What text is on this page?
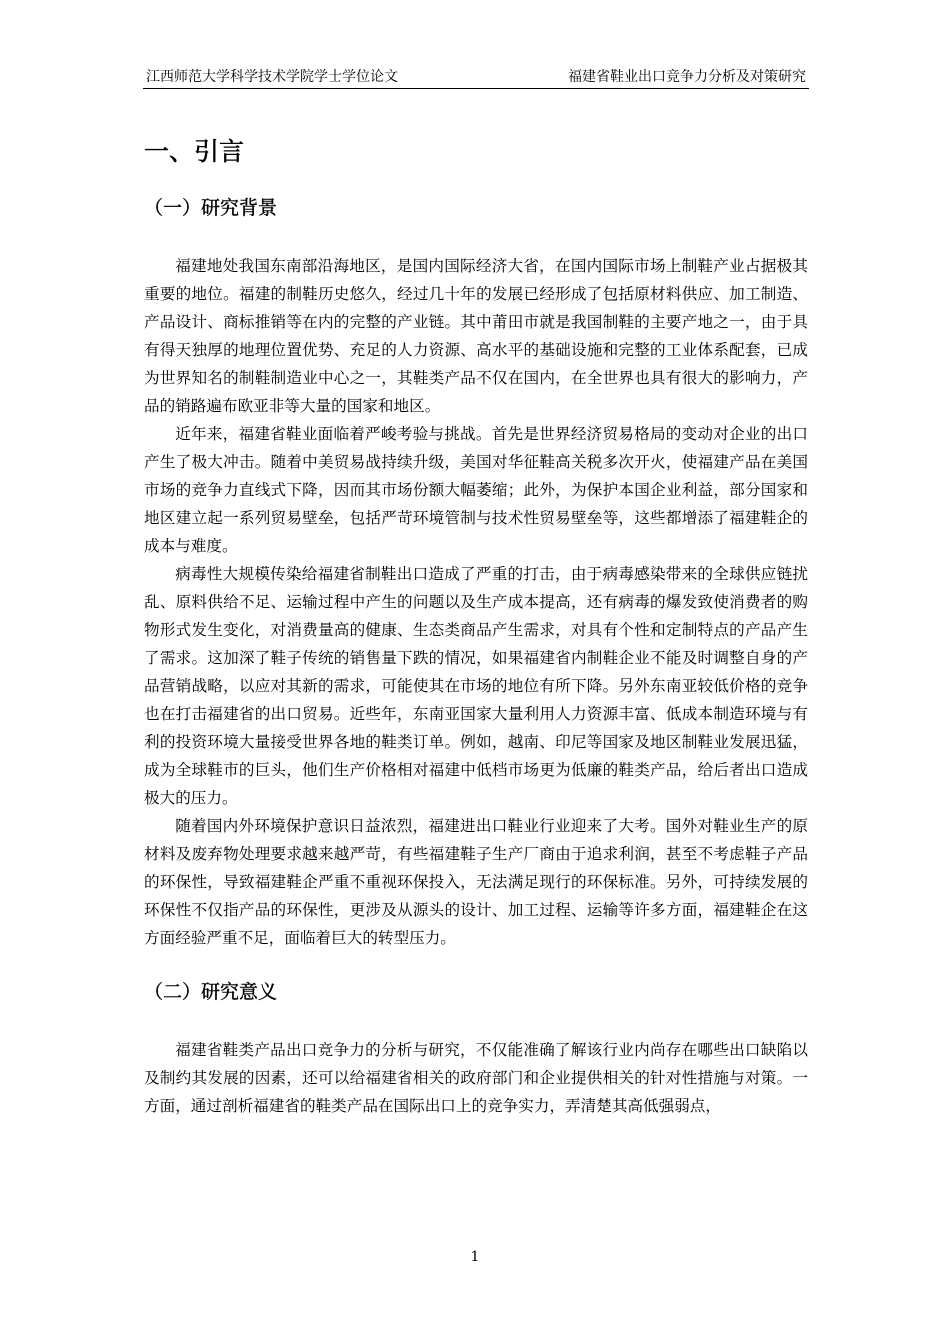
江西师范大学科学技术学院学士学位论文	福建省鞋业出口竞争力分析及对策研究
一、引言
（一）研究背景

福建地处我国东南部沿海地区，是国内国际经济大省，在国内国际市场上制鞋产业占据极其重要的地位。福建的制鞋历史悠久，经过几十年的发展已经形成了包括原材料供应、加工制造、产品设计、商标推销等在内的完整的产业链。其中莆田市就是我国制鞋的主要产地之一，由于具有得天独厚的地理位置优势、充足的人力资源、高水平的基础设施和完整的工业体系配套，已成为世界知名的制鞋制造业中心之一，其鞋类产品不仅在国内，在全世界也具有很大的影响力，产品的销路遍布欧亚非等大量的国家和地区。

近年来，福建省鞋业面临着严峻考验与挑战。首先是世界经济贸易格局的变动对企业的出口产生了极大冲击。随着中美贸易战持续升级，美国对华征鞋高关税多次开火，使福建产品在美国市场的竞争力直线式下降，因而其市场份额大幅萎缩；此外，为保护本国企业利益，部分国家和地区建立起一系列贸易壁垒，包括严苛环境管制与技术性贸易壁垒等，这些都增添了福建鞋企的成本与难度。

病毒性大规模传染给福建省制鞋出口造成了严重的打击，由于病毒感染带来的全球供应链扰乱、原料供给不足、运输过程中产生的问题以及生产成本提高，还有病毒的爆发致使消费者的购物形式发生变化，对消费量高的健康、生态类商品产生需求，对具有个性和定制特点的产品产生了需求。这加深了鞋子传统的销售量下跌的情况，如果福建省内制鞋企业不能及时调整自身的产品营销战略，以应对其新的需求，可能使其在市场的地位有所下降。另外东南亚较低价格的竞争也在打击福建省的出口贸易。近些年，东南亚国家大量利用人力资源丰富、低成本制造环境与有利的投资环境大量接受世界各地的鞋类订单。例如，越南、印尼等国家及地区制鞋业发展迅猛，成为全球鞋市的巨头，他们生产价格相对福建中低档市场更为低廉的鞋类产品，给后者出口造成极大的压力。

随着国内外环境保护意识日益浓烈，福建进出口鞋业行业迎来了大考。国外对鞋业生产的原材料及废弃物处理要求越来越严苛，有些福建鞋子生产厂商由于追求利润，甚至不考虑鞋子产品的环保性，导致福建鞋企严重不重视环保投入，无法满足现行的环保标准。另外，可持续发展的环保性不仅指产品的环保性，更涉及从源头的设计、加工过程、运输等许多方面，福建鞋企在这方面经验严重不足，面临着巨大的转型压力。

（二）研究意义

福建省鞋类产品出口竞争力的分析与研究，不仅能准确了解该行业内尚存在哪些出口缺陷以及制约其发展的因素，还可以给福建省相关的政府部门和企业提供相关的针对性措施与对策。一方面，通过剖析福建省的鞋类产品在国际出口上的竞争实力，弄清楚其高低强弱点，

1
